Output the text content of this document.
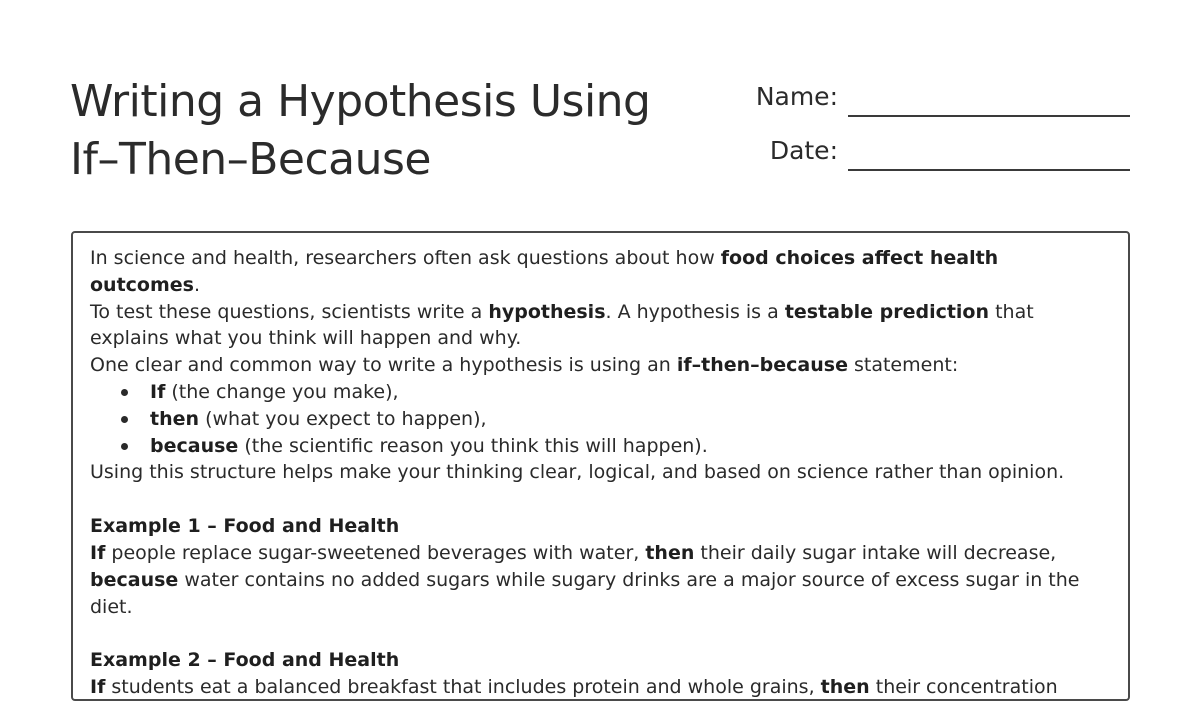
Writing a Hypothesis Using
If–Then–Because
Name:
Date:

In science and health, researchers often ask questions about how food choices affect health outcomes.

To test these questions, scientists write a hypothesis. A hypothesis is a testable prediction that explains what you think will happen and why.

One clear and common way to write a hypothesis is using an if–then–because statement:

If (the change you make),
then (what you expect to happen),
because (the scientific reason you think this will happen).

Using this structure helps make your thinking clear, logical, and based on science rather than opinion.

Example 1 – Food and Health

If people replace sugar-sweetened beverages with water, then their daily sugar intake will decrease,
because water contains no added sugars while sugary drinks are a major source of excess sugar in the diet.

Example 2 – Food and Health

If students eat a balanced breakfast that includes protein and whole grains, then their concentration
